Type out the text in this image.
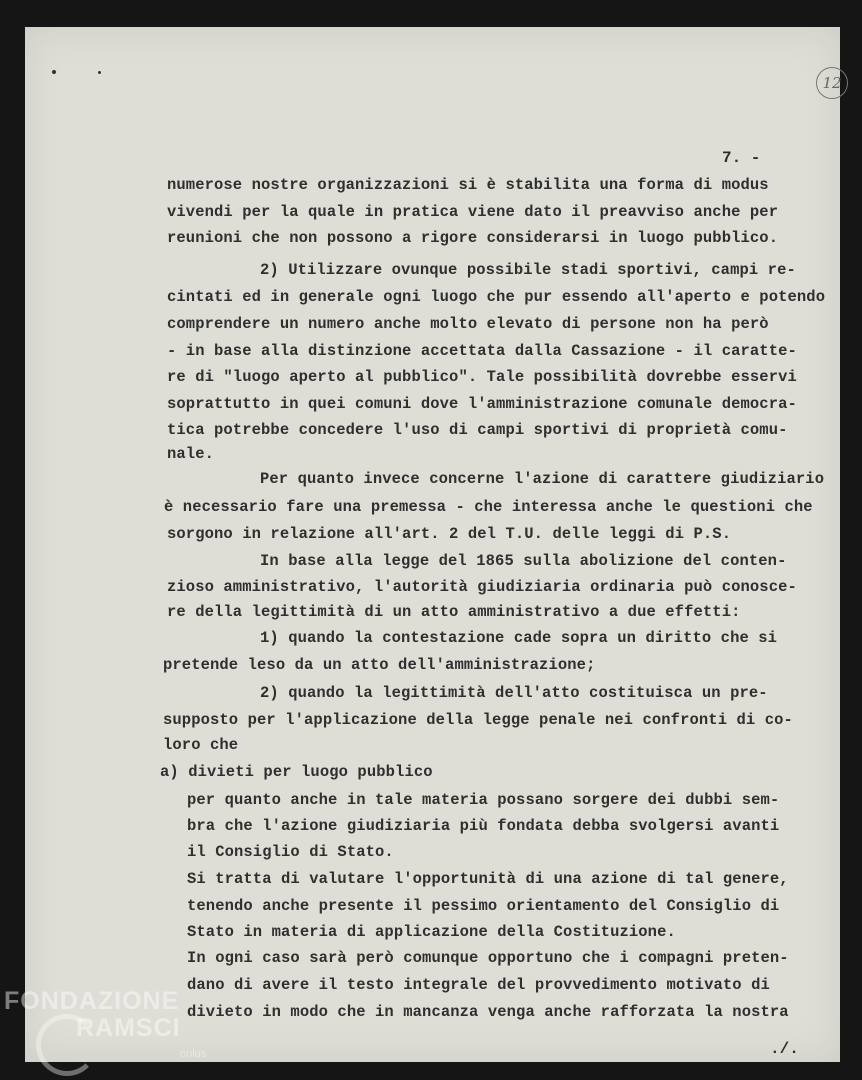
12
7. -
numerose nostre organizzazioni si è stabilita una forma di modus
vivendi per la quale in pratica viene dato il preavviso anche per
reunioni che non possono a rigore considerarsi in luogo pubblico.
2) Utilizzare ovunque possibile stadi sportivi, campi re-
cintati ed in generale ogni luogo che pur essendo all'aperto e potendo
comprendere un numero anche molto elevato di persone non ha però
- in base alla distinzione accettata dalla Cassazione - il caratte-
re di "luogo aperto al pubblico". Tale possibilità dovrebbe esservi
soprattutto in quei comuni dove l'amministrazione comunale democra-
tica potrebbe concedere l'uso di campi sportivi di proprietà comu-
nale.
Per quanto invece concerne l'azione di carattere giudiziario
è necessario fare una premessa - che interessa anche le questioni che
sorgono in relazione all'art. 2 del T.U. delle leggi di P.S.
In base alla legge del 1865 sulla abolizione del conten-
zioso amministrativo, l'autorità giudiziaria ordinaria può conosce-
re della legittimità di un atto amministrativo a due effetti:
1) quando la contestazione cade sopra un diritto che si
pretende leso da un atto dell'amministrazione;
2) quando la legittimità dell'atto costituisca un pre-
supposto per l'applicazione della legge penale nei confronti di co-
loro che
a) divieti per luogo pubblico
per quanto anche in tale materia possano sorgere dei dubbi sem-
bra che l'azione giudiziaria più fondata debba svolgersi avanti
il Consiglio di Stato.
Si tratta di valutare l'opportunità di una azione di tal genere,
tenendo anche presente il pessimo orientamento del Consiglio di
Stato in materia di applicazione della Costituzione.
In ogni caso sarà però comunque opportuno che i compagni preten-
dano di avere il testo integrale del provvedimento motivato di
divieto in modo che in mancanza venga anche rafforzata la nostra
./.
FONDAZIONE
RAMSCI
onlus
